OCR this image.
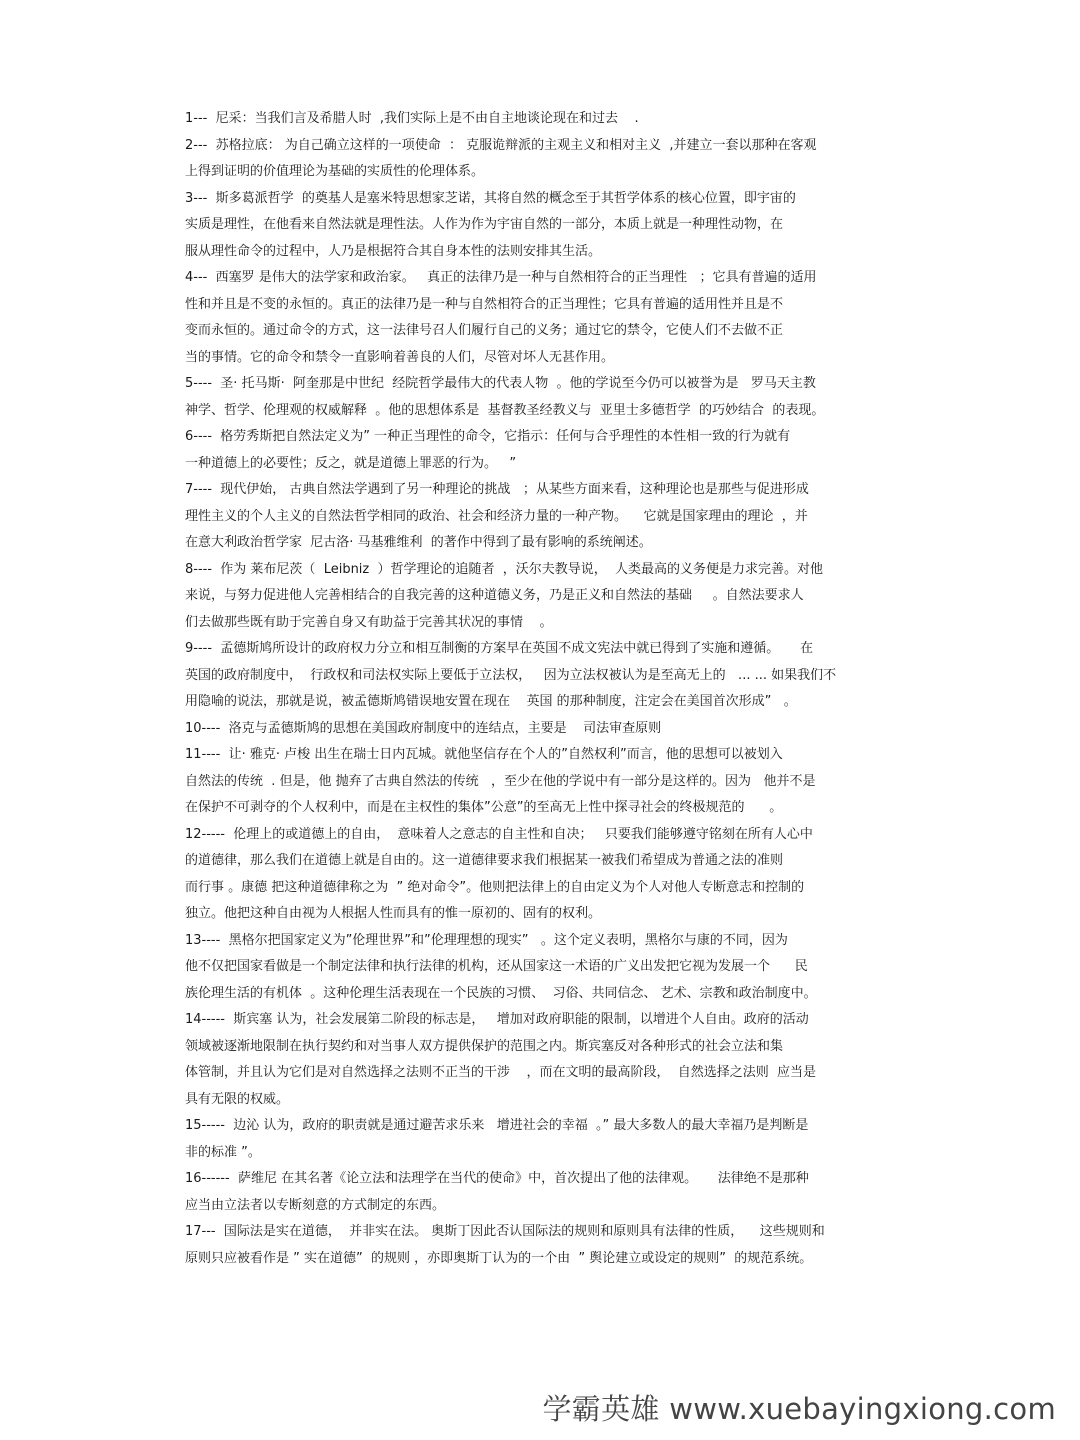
1---  尼采：当我们言及希腊人时  ,我们实际上是不由自主地谈论现在和过去    .
2---  苏格拉底： 为自己确立这样的一项使命  ： 克服诡辩派的主观主义和相对主义  ,并建立一套以那种在客观
上得到证明的价值理论为基础的实质性的伦理体系。
3---  斯多葛派哲学  的奠基人是塞米特思想家芝诺，其将自然的概念至于其哲学体系的核心位置，即宇宙的
实质是理性，在他看来自然法就是理性法。人作为作为宇宙自然的一部分，本质上就是一种理性动物，在
服从理性命令的过程中，人乃是根据符合其自身本性的法则安排其生活。
4---  西塞罗 是伟大的法学家和政治家。   真正的法律乃是一种与自然相符合的正当理性   ；它具有普遍的适用
性和并且是不变的永恒的。真正的法律乃是一种与自然相符合的正当理性；它具有普遍的适用性并且是不
变而永恒的。通过命令的方式，这一法律号召人们履行自己的义务；通过它的禁令，它使人们不去做不正
当的事情。它的命令和禁令一直影响着善良的人们，尽管对坏人无甚作用。
5----  圣· 托马斯·  阿奎那是中世纪  经院哲学最伟大的代表人物  。他的学说至今仍可以被誉为是   罗马天主教
神学、哲学、伦理观的权威解释  。他的思想体系是  基督教圣经教义与  亚里士多德哲学  的巧妙结合  的表现。
6----  格劳秀斯把自然法定义为” 一种正当理性的命令，它指示：任何与合乎理性的本性相一致的行为就有
一种道德上的必要性；反之，就是道德上罪恶的行为。   ”
7----  现代伊始， 古典自然法学遇到了另一种理论的挑战   ；从某些方面来看，这种理论也是那些与促进形成
理性主义的个人主义的自然法哲学相同的政治、社会和经济力量的一种产物。    它就是国家理由的理论  ，并
在意大利政治哲学家  尼古洛· 马基雅维利  的著作中得到了最有影响的系统阐述。
8----  作为 莱布尼茨（  Leibniz  ）哲学理论的追随者  ，沃尔夫教导说，  人类最高的义务便是力求完善。对他
来说，与努力促进他人完善相结合的自我完善的这种道德义务，乃是正义和自然法的基础     。自然法要求人
们去做那些既有助于完善自身又有助益于完善其状况的事情    。
9----  孟德斯鸠所设计的政府权力分立和相互制衡的方案早在英国不成文宪法中就已得到了实施和遵循。     在
英国的政府制度中，  行政权和司法权实际上要低于立法权，   因为立法权被认为是至高无上的   ... ... 如果我们不
用隐喻的说法，那就是说，被孟德斯鸠错误地安置在现在    英国 的那种制度，注定会在美国首次形成”   。
10----  洛克与孟德斯鸠的思想在美国政府制度中的连结点，主要是    司法审查原则
11----  让· 雅克· 卢梭 出生在瑞士日内瓦城。就他坚信存在个人的”自然权利”而言，他的思想可以被划入
自然法的传统  . 但是，他 抛弃了古典自然法的传统   ，至少在他的学说中有一部分是这样的。因为   他并不是
在保护不可剥夺的个人权利中，而是在主权性的集体”公意”的至高无上性中探寻社会的终极规范的      。
12-----  伦理上的或道德上的自由，  意味着人之意志的自主性和自决；   只要我们能够遵守铭刻在所有人心中
的道德律，那么我们在道德上就是自由的。这一道德律要求我们根据某一被我们希望成为普通之法的准则
而行事 。康德 把这种道德律称之为  ” 绝对命令”。他则把法律上的自由定义为个人对他人专断意志和控制的
独立。他把这种自由视为人根据人性而具有的惟一原初的、固有的权利。
13----  黑格尔把国家定义为”伦理世界”和”伦理理想的现实”   。这个定义表明，黑格尔与康的不同，因为
他不仅把国家看做是一个制定法律和执行法律的机构，还从国家这一术语的广义出发把它视为发展一个      民
族伦理生活的有机体  。这种伦理生活表现在一个民族的习惯、  习俗、共同信念、 艺术、宗教和政治制度中。
14-----  斯宾塞 认为，社会发展第二阶段的标志是，   增加对政府职能的限制，以增进个人自由。政府的活动
领域被逐渐地限制在执行契约和对当事人双方提供保护的范围之内。斯宾塞反对各种形式的社会立法和集
体管制，并且认为它们是对自然选择之法则不正当的干涉    ，而在文明的最高阶段，  自然选择之法则  应当是
具有无限的权威。
15-----  边沁 认为，政府的职责就是通过避苦求乐来   增进社会的幸福  。” 最大多数人的最大幸福乃是判断是
非的标准 ”。
16------  萨维尼 在其名著《论立法和法理学在当代的使命》中，首次提出了他的法律观。     法律绝不是那种
应当由立法者以专断刻意的方式制定的东西。
17---  国际法是实在道德，  并非实在法。 奥斯丁因此否认国际法的规则和原则具有法律的性质，    这些规则和
原则只应被看作是 ” 实在道德”  的规则 ，亦即奥斯丁认为的一个由  ” 舆论建立或设定的规则”  的规范系统。
学霸英雄 www.xuebayingxiong.com
